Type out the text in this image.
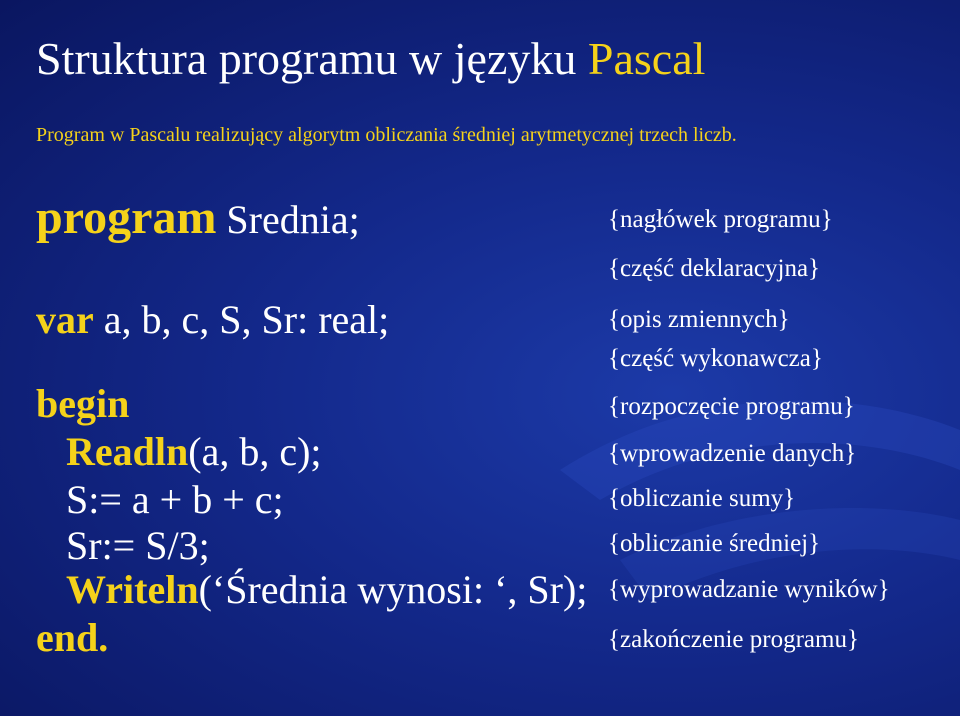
Struktura programu w języku Pascal
Program w Pascalu realizujący algorytm obliczania średniej arytmetycznej trzech liczb.
program Srednia;
var a, b, c, S, Sr: real;
begin
Readln(a, b, c);
S:= a + b + c;
Sr:= S/3;
Writeln(‘Średnia wynosi: ‘, Sr);
end.
{nagłówek programu}
{część deklaracyjna}
{opis zmiennych}
{część wykonawcza}
{rozpoczęcie programu}
{wprowadzenie danych}
{obliczanie sumy}
{obliczanie średniej}
{wyprowadzanie wyników}
{zakończenie programu}
